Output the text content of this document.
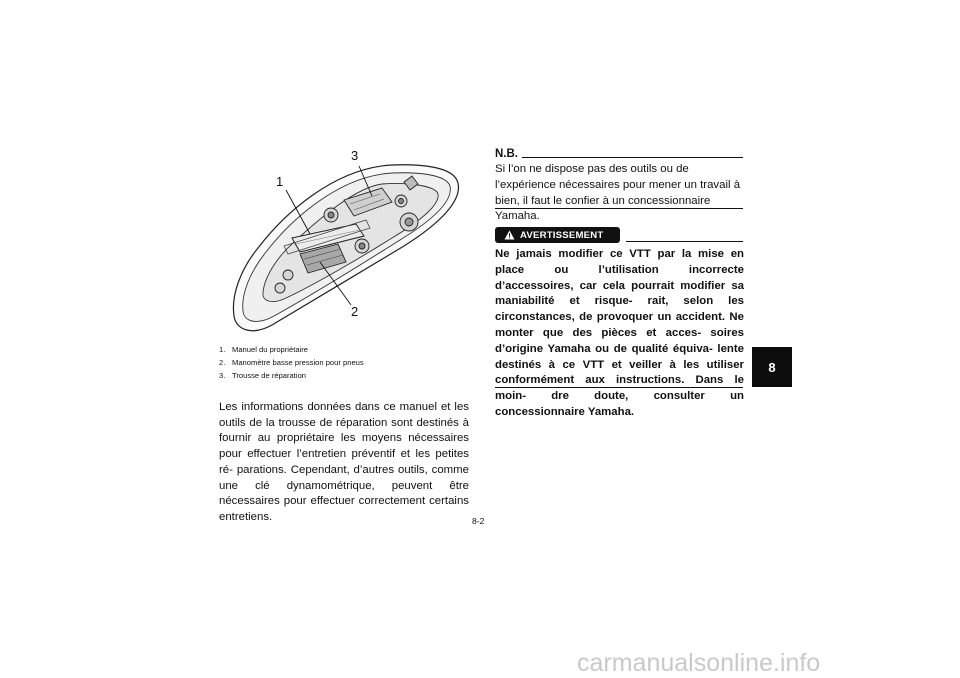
1
3
2
1. Manuel du propriétaire
2. Manomètre basse pression pour pneus
3. Trousse de réparation

Les informations données dans ce manuel et les outils de la trousse de réparation sont destinés à fournir au propriétaire les moyens nécessaires pour effectuer l’entretien préventif et les petites ré- parations. Cependant, d’autres outils, comme une clé dynamométrique, peuvent être nécessaires pour effectuer correctement certains entretiens.

N.B.

Si l’on ne dispose pas des outils ou de l’expérience nécessaires pour mener un travail à bien, il faut le confier à un concessionnaire Yamaha.

AVERTISSEMENT

Ne jamais modifier ce VTT par la mise en place ou l’utilisation incorrecte d’accessoires, car cela pourrait modifier sa maniabilité et risque- rait, selon les circonstances, de provoquer un accident. Ne monter que des pièces et acces- soires d’origine Yamaha ou de qualité équiva- lente destinés à ce VTT et veiller à les utiliser conformément aux instructions. Dans le moin- dre doute, consulter un concessionnaire Yamaha.

8-2
8
carmanualsonline.info
